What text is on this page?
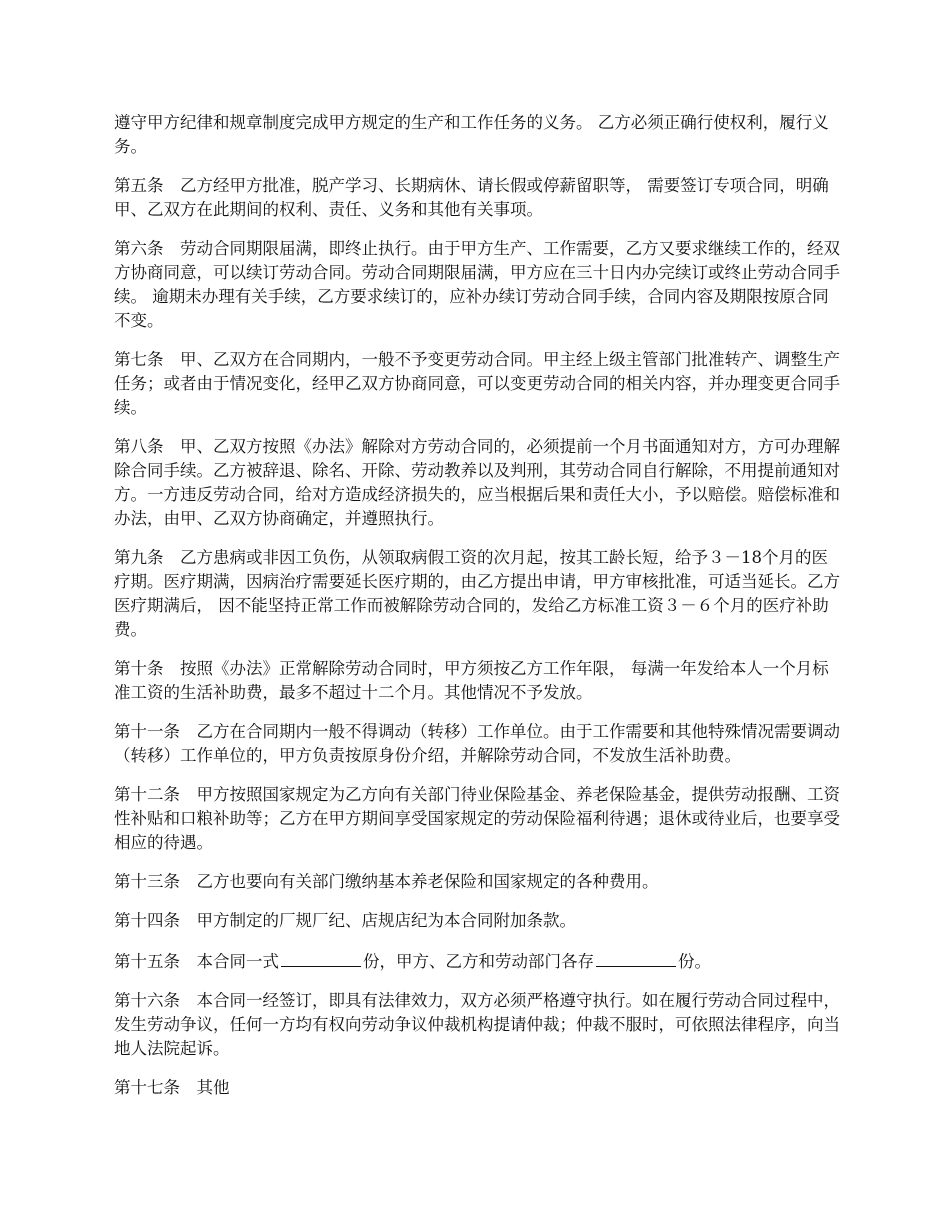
遵守甲方纪律和规章制度完成甲方规定的生产和工作任务的义务。 乙方必须正确行使权利，履行义务。

第五条　 乙方经甲方批准，脱产学习、长期病休、请长假或停薪留职等， 需要签订专项合同，明确甲、乙双方在此期间的权利、责任、义务和其他有关事项。

第六条　 劳动合同期限届满，即终止执行。由于甲方生产、工作需要，乙方又要求继续工作的，经双方协商同意，可以续订劳动合同。劳动合同期限届满，甲方应在三十日内办完续订或终止劳动合同手续。 逾期未办理有关手续，乙方要求续订的，应补办续订劳动合同手续，合同内容及期限按原合同不变。

第七条　 甲、乙双方在合同期内，一般不予变更劳动合同。甲主经上级主管部门批准转产、调整生产任务；或者由于情况变化，经甲乙双方协商同意，可以变更劳动合同的相关内容，并办理变更合同手续。

第八条　 甲、乙双方按照《办法》解除对方劳动合同的，必须提前一个月书面通知对方，方可办理解除合同手续。乙方被辞退、除名、开除、劳动教养以及判刑，其劳动合同自行解除，不用提前通知对方。一方违反劳动合同，给对方造成经济损失的，应当根据后果和责任大小，予以赔偿。赔偿标准和办法，由甲、乙双方协商确定，并遵照执行。

第九条　 乙方患病或非因工负伤，从领取病假工资的次月起，按其工龄长短，给予３－18个月的医疗期。医疗期满，因病治疗需要延长医疗期的，由乙方提出申请，甲方审核批准，可适当延长。乙方医疗期满后， 因不能坚持正常工作而被解除劳动合同的，发给乙方标准工资３－６个月的医疗补助费。

第十条　 按照《办法》正常解除劳动合同时，甲方须按乙方工作年限， 每满一年发给本人一个月标准工资的生活补助费，最多不超过十二个月。其他情况不予发放。

第十一条　 乙方在合同期内一般不得调动（转移）工作单位。由于工作需要和其他特殊情况需要调动（转移）工作单位的，甲方负责按原身份介绍，并解除劳动合同，不发放生活补助费。

第十二条　 甲方按照国家规定为乙方向有关部门待业保险基金、养老保险基金，提供劳动报酬、工资性补贴和口粮补助等；乙方在甲方期间享受国家规定的劳动保险福利待遇；退休或待业后，也要享受相应的待遇。

第十三条　 乙方也要向有关部门缴纳基本养老保险和国家规定的各种费用。

第十四条　 甲方制定的厂规厂纪、店规店纪为本合同附加条款。

第十五条　 本合同一式	份，甲方、乙方和劳动部门各存	份。

第十六条　 本合同一经签订，即具有法律效力，双方必须严格遵守执行。如在履行劳动合同过程中，发生劳动争议，任何一方均有权向劳动争议仲裁机构提请仲裁；仲裁不服时，可依照法律程序，向当地人法院起诉。

第十七条　 其他
